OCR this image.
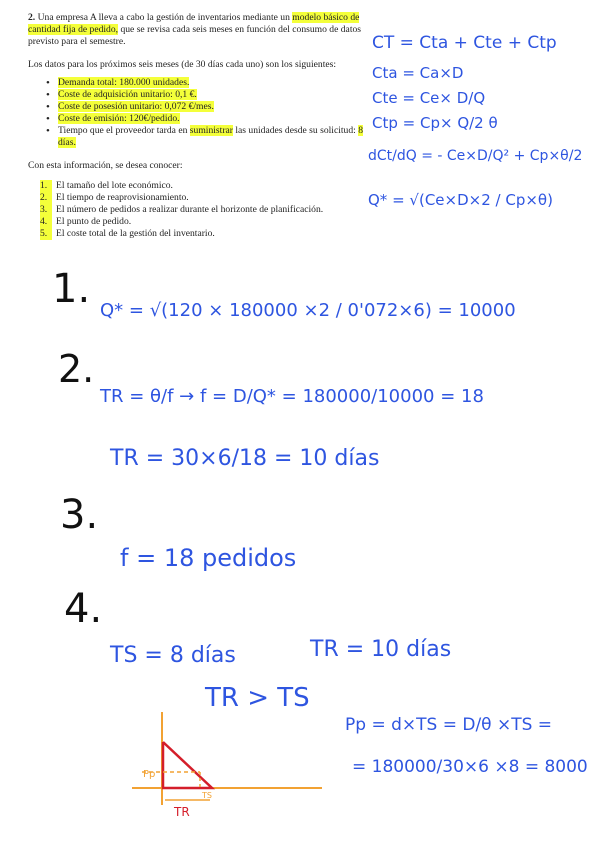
2. Una empresa A lleva a cabo la gestión de inventarios mediante un modelo básico de cantidad fija de pedido, que se revisa cada seis meses en función del consumo de datos previsto para el semestre.

Los datos para los próximos seis meses (de 30 días cada uno) son los siguientes:

• Demanda total: 180.000 unidades.
• Coste de adquisición unitario: 0,1 €.
• Coste de posesión unitario: 0,072 €/mes.
• Coste de emisión: 120€/pedido.
• Tiempo que el proveedor tarda en suministrar las unidades desde su solicitud: 8 días.

Con esta información, se desea conocer:

1. El tamaño del lote económico.
2. El tiempo de reaprovisionamiento.
3. El número de pedidos a realizar durante el horizonte de planificación.
4. El punto de pedido.
5. El coste total de la gestión del inventario.
CT = Cta + Cte + Ctp
Cta = Ca×D
Cte = Ce× D/Q
Ctp = Cp× Q/2 θ
dCt/dQ = - Ce×D/Q² + Cp×θ/2
Q* = √(Ce×D×2 / Cp×θ)
1. Q* = √(120 × 180000 ×2 / 0'072×6) = 10000
2.
TR = θ/f → f = D/Q* = 180000/10000 = 18
TR = 30×6/18 = 10 días
3.
f = 18 pedidos
4.
TS = 8 días	TR = 10 días
TR > TS
Pp = d×TS = D/θ ×TS =
= 180000/30×6 ×8 = 8000
Pp
TS
TR
